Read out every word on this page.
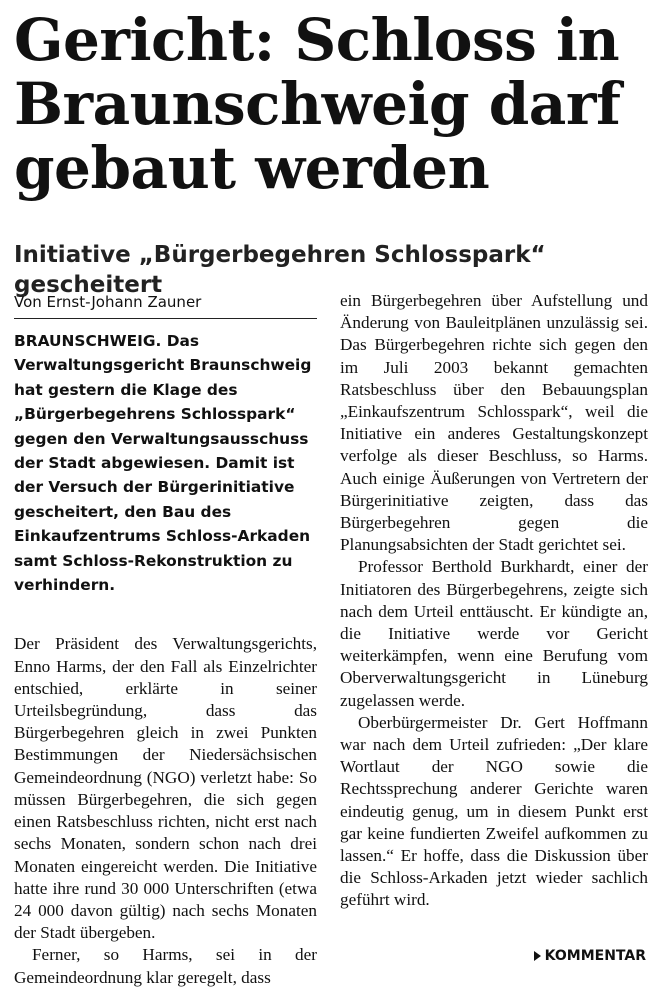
Gericht: Schloss in Braunschweig darf gebaut werden
Initiative „Bürgerbegehren Schlosspark“ gescheitert

Von Ernst-Johann Zauner

BRAUNSCHWEIG. Das Verwaltungsgericht Braunschweig hat gestern die Klage des „Bürgerbegehrens Schlosspark“ gegen den Verwaltungsausschuss der Stadt abgewiesen. Damit ist der Versuch der Bürgerinitiative gescheitert, den Bau des Einkaufzentrums Schloss-Arkaden samt Schloss-Rekonstruktion zu verhindern.

Der Präsident des Verwaltungsgerichts, Enno Harms, der den Fall als Einzelrichter entschied, erklärte in seiner Urteilsbegründung, dass das Bürgerbegehren gleich in zwei Punkten Bestimmungen der Niedersächsischen Gemeindeordnung (NGO) verletzt habe: So müssen Bürgerbegehren, die sich gegen einen Ratsbeschluss richten, nicht erst nach sechs Monaten, sondern schon nach drei Monaten eingereicht werden. Die Initiative hatte ihre rund 30 000 Unterschriften (etwa 24 000 davon gültig) nach sechs Monaten der Stadt übergeben.

Ferner, so Harms, sei in der Gemeindeordnung klar geregelt, dass

ein Bürgerbegehren über Aufstellung und Änderung von Bauleitplänen unzulässig sei. Das Bürgerbegehren richte sich gegen den im Juli 2003 bekannt gemachten Ratsbeschluss über den Bebauungsplan „Einkaufszentrum Schlosspark“, weil die Initiative ein anderes Gestaltungskonzept verfolge als dieser Beschluss, so Harms. Auch einige Äußerungen von Vertretern der Bürgerinitiative zeigten, dass das Bürgerbegehren gegen die Planungsabsichten der Stadt gerichtet sei.

Professor Berthold Burkhardt, einer der Initiatoren des Bürgerbegehrens, zeigte sich nach dem Urteil enttäuscht. Er kündigte an, die Initiative werde vor Gericht weiterkämpfen, wenn eine Berufung vom Oberverwaltungsgericht in Lüneburg zugelassen werde.

Oberbürgermeister Dr. Gert Hoffmann war nach dem Urteil zufrieden: „Der klare Wortlaut der NGO sowie die Rechtssprechung anderer Gerichte waren eindeutig genug, um in diesem Punkt erst gar keine fundierten Zweifel aufkommen zu lassen.“ Er hoffe, dass die Diskussion über die Schloss-Arkaden jetzt wieder sachlich geführt wird.

KOMMENTAR
